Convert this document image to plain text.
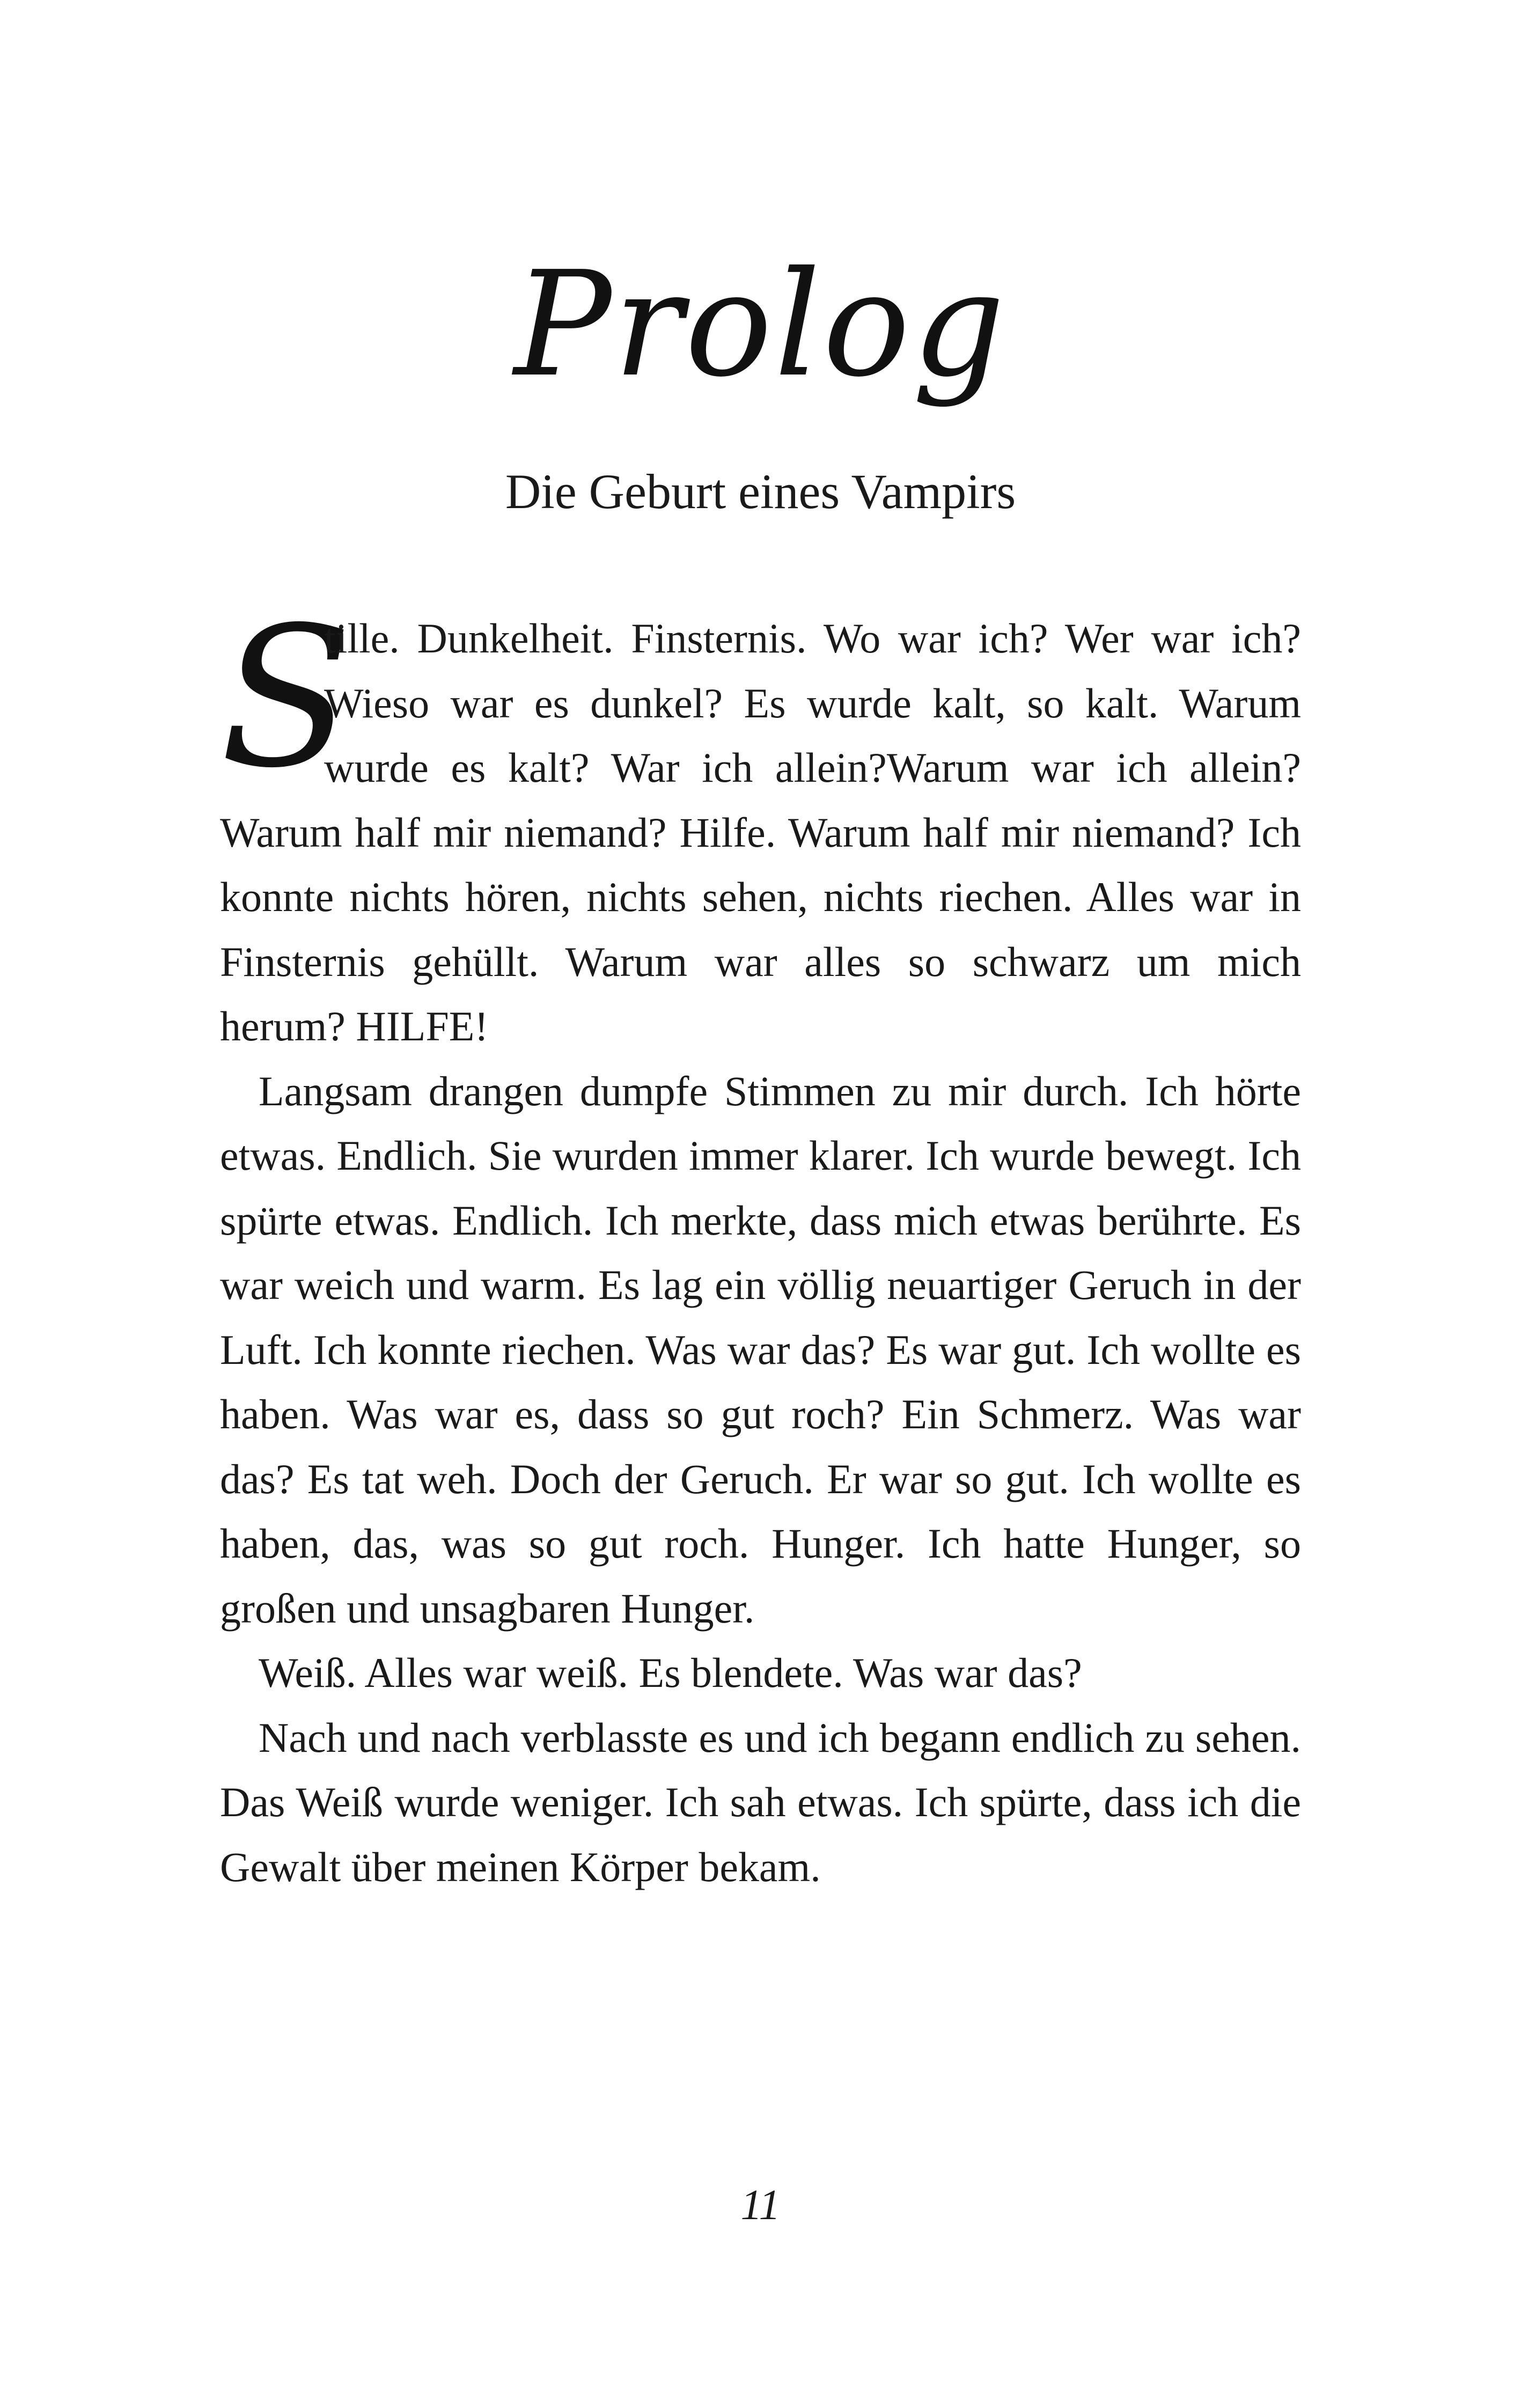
Prolog
Die Geburt eines Vampirs

S
tille. Dunkelheit. Finsternis. Wo war ich? Wer war ich? Wieso war es dunkel? Es wurde kalt, so kalt. Warum wurde es kalt? War ich allein?Warum war ich allein? Warum half mir niemand? Hilfe. Warum half mir niemand? Ich konnte nichts hören, nichts sehen, nichts riechen. Alles war in Finsternis gehüllt. Warum war alles so schwarz um mich herum? HILFE!

Langsam drangen dumpfe Stimmen zu mir durch. Ich hörte etwas. Endlich. Sie wurden immer klarer. Ich wurde bewegt. Ich spürte etwas. Endlich. Ich merkte, dass mich etwas berührte. Es war weich und warm. Es lag ein völlig neuartiger Geruch in der Luft. Ich konnte riechen. Was war das? Es war gut. Ich wollte es haben. Was war es, dass so gut roch? Ein Schmerz. Was war das? Es tat weh. Doch der Geruch. Er war so gut. Ich wollte es haben, das, was so gut roch. Hunger. Ich hatte Hunger, so großen und unsagbaren Hunger.

Weiß. Alles war weiß. Es blendete. Was war das?

Nach und nach verblasste es und ich begann endlich zu sehen. Das Weiß wurde weniger. Ich sah etwas. Ich spürte, dass ich die Gewalt über meinen Körper bekam.

11
